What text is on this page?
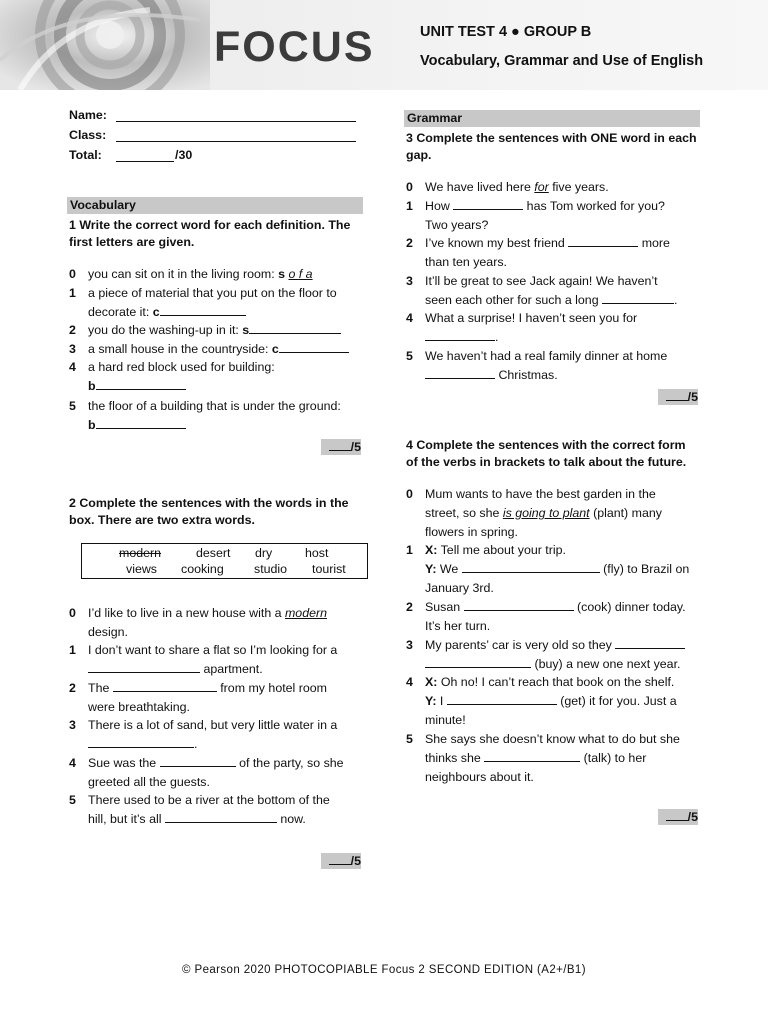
FOCUS	UNIT TEST 4 ● GROUP B
Vocabulary, Grammar and Use of English
Name:
Class:
Total:	/30
Vocabulary
1 Write the correct word for each definition. The
first letters are given.
0 you can sit on it in the living room: s o f a
1 a piece of material that you put on the floor to
decorate it: c
2 you do the washing-up in it: s
3 a small house in the countryside: c
4 a hard red block used for building:
b
5 the floor of a building that is under the ground:
b
/5
2 Complete the sentences with the words in the
box. There are two extra words.
modern	desert dry	host
views cooking studio tourist
0 I’d like to live in a new house with a modern
design.
1 I don’t want to share a flat so I’m looking for a
apartment.
2 The	from my hotel room
were breathtaking.
3 There is a lot of sand, but very little water in a
.
4 Sue was the	of the party, so she
greeted all the guests.
5 There used to be a river at the bottom of the
hill, but it’s all	now.
/5
Grammar
3 Complete the sentences with ONE word in each
gap.
0 We have lived here for five years.
1 How	has Tom worked for you?
Two years?
2 I’ve known my best friend	more
than ten years.
3 It’ll be great to see Jack again! We haven’t
seen each other for such a long	.
4 What a surprise! I haven’t seen you for
.
5 We haven’t had a real family dinner at home
Christmas.
/5
4 Complete the sentences with the correct form
of the verbs in brackets to talk about the future.
0 Mum wants to have the best garden in the
street, so she is going to plant (plant) many
flowers in spring.
1 X: Tell me about your trip.
Y: We	(fly) to Brazil on
January 3rd.
2 Susan	(cook) dinner today.
It’s her turn.
3 My parents’ car is very old so they
(buy) a new one next year.
4 X: Oh no! I can’t reach that book on the shelf.
Y: I	(get) it for you. Just a
minute!
5 She says she doesn’t know what to do but she
thinks she	(talk) to her
neighbours about it.
/5
© Pearson 2020 PHOTOCOPIABLE Focus 2 SECOND EDITION (A2+/B1)
